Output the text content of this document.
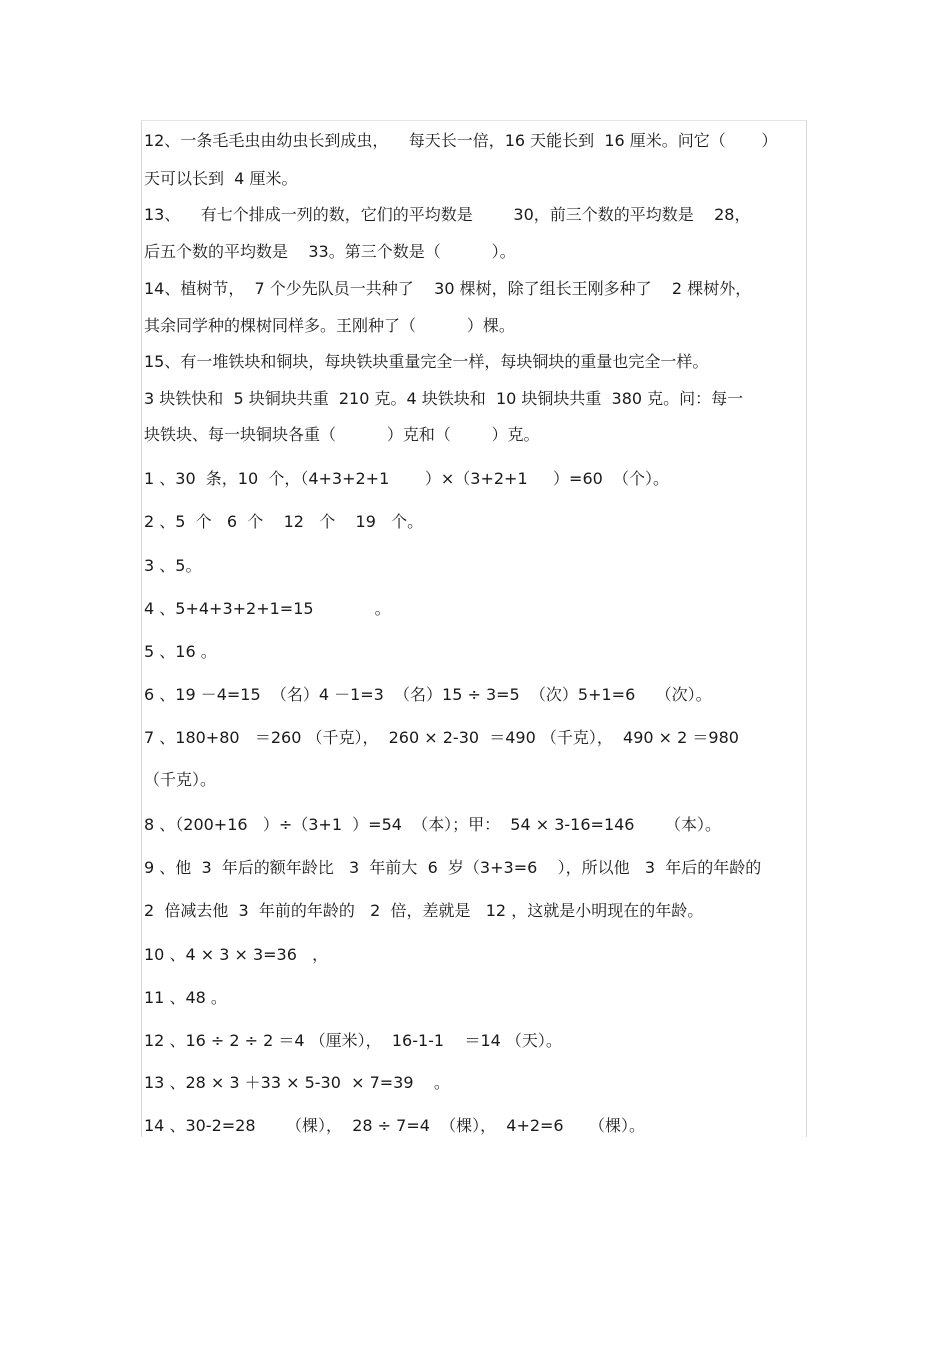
12、一条毛毛虫由幼虫长到成虫，    每天长一倍，16 天能长到  16 厘米。问它（       ）
天可以长到  4 厘米。
13、    有七个排成一列的数，它们的平均数是        30，前三个数的平均数是    28，
后五个数的平均数是    33。第三个数是（          ）。
14、植树节，  7 个少先队员一共种了    30 棵树，除了组长王刚多种了    2 棵树外，
其余同学种的棵树同样多。王刚种了（          ）棵。
15、有一堆铁块和铜块，每块铁块重量完全一样，每块铜块的重量也完全一样。
3 块铁快和  5 块铜块共重  210 克。4 块铁块和  10 块铜块共重  380 克。问：每一
块铁块、每一块铜块各重（          ）克和（        ）克。
1 、30  条，10  个，（4+3+2+1       ）×（3+2+1     ）=60  （个）。
2 、5  个   6  个    12   个    19   个。
3 、5。
4 、5+4+3+2+1=15            。
5 、16 。
6 、19 －4=15  （名）4 －1=3  （名）15 ÷ 3=5  （次）5+1=6    （次）。
7 、180+80   ＝260 （千克），  260 × 2-30  ＝490 （千克），  490 × 2 ＝980
（千克）。
8 、（200+16   ）÷（3+1  ）=54  （本）；甲：  54 × 3-16=146      （本）。
9 、他  3  年后的额年龄比   3  年前大  6  岁（3+3=6    ），所以他   3  年后的年龄的
2  倍减去他  3  年前的年龄的   2  倍，差就是   12 ，这就是小明现在的年龄。
10 、4 × 3 × 3=36   ，
11 、48 。
12 、16 ÷ 2 ÷ 2 ＝4 （厘米），  16-1-1    ＝14 （天）。
13 、28 × 3 ＋33 × 5-30  × 7=39    。
14 、30-2=28      （棵），  28 ÷ 7=4  （棵），  4+2=6     （棵）。
